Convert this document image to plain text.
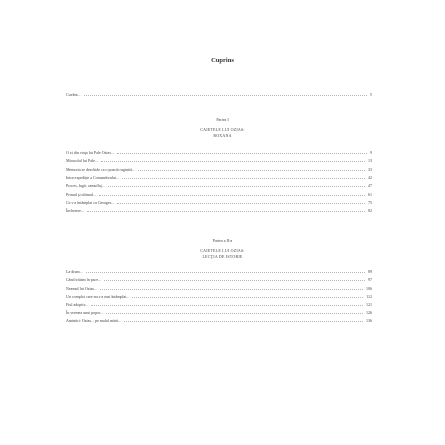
Cuprins
Cuvânt...	5
Partea I
CAIETELE LUI OZIAS:
ROXANA
O zi din viaţa lui Pale Ozias...	9
Miracolul lui Pale...	13
Memoria se deschide ca o poartă ruginită...	33
Intra expediţie a Comandorului...	42
Proces, fugă, camuflaj...	47
Primul şi ultimul...	61
Ce s-a întâmplat cu Georges...	75
Încheiere...	82
Partea a II-a
CAIETELE LUI OZIAS:
LECŢIA DE ISTORIE
La drum...	89
Când trăiam în pace...	97
Neamul lui Ozias...	106
Un complot care nu s-a mai întâmplat...	112
Fiul adoptiv...	121
În vremea unui popor...	126
Amintiri: Ozias... pe malul mării...	136
